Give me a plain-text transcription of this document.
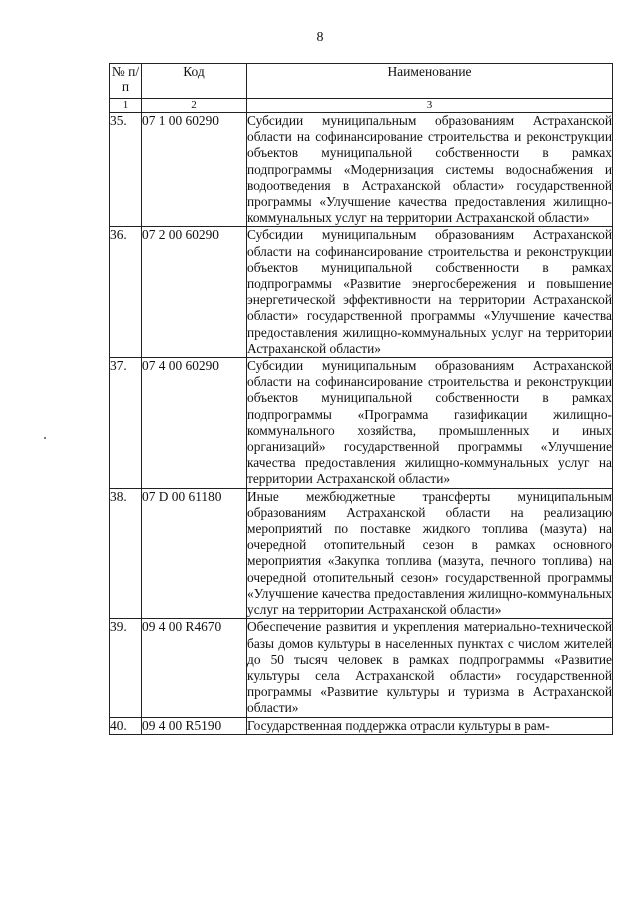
8
№ п/п	Код	Наименование
1	2	3
35.	07 1 00 60290	Субсидии муниципальным образованиям Астраханской области на софинансирование строительства и реконструкции объектов муниципальной собственности в рамках подпрограммы «Модернизация системы водоснабжения и водоотведения в Астраханской области» государственной программы «Улучшение качества предоставления жилищно-коммунальных услуг на территории Астраханской области»
36.	07 2 00 60290	Субсидии муниципальным образованиям Астраханской области на софинансирование строительства и реконструкции объектов муниципальной собственности в рамках подпрограммы «Развитие энергосбережения и повышение энергетической эффективности на территории Астраханской области» государственной программы «Улучшение качества предоставления жилищно-коммунальных услуг на территории Астраханской области»
37.	07 4 00 60290	Субсидии муниципальным образованиям Астраханской области на софинансирование строительства и реконструкции объектов муниципальной собственности в рамках подпрограммы «Программа газификации жилищно-коммунального хозяйства, промышленных и иных организаций» государственной программы «Улучшение качества предоставления жилищно-коммунальных услуг на территории Астраханской области»
38.	07 D 00 61180	Иные межбюджетные трансферты муниципальным образованиям Астраханской области на реализацию мероприятий по поставке жидкого топлива (мазута) на очередной отопительный сезон в рамках основного мероприятия «Закупка топлива (мазута, печного топлива) на очередной отопительный сезон» государственной программы «Улучшение качества предоставления жилищно-коммунальных услуг на территории Астраханской области»
39.	09 4 00 R4670	Обеспечение развития и укрепления материально-технической базы домов культуры в населенных пунктах с числом жителей до 50 тысяч человек в рамках подпрограммы «Развитие культуры села Астраханской области» государственной программы «Развитие культуры и туризма в Астраханской области»
40.	09 4 00 R5190	Государственная поддержка отрасли культуры в рам-
